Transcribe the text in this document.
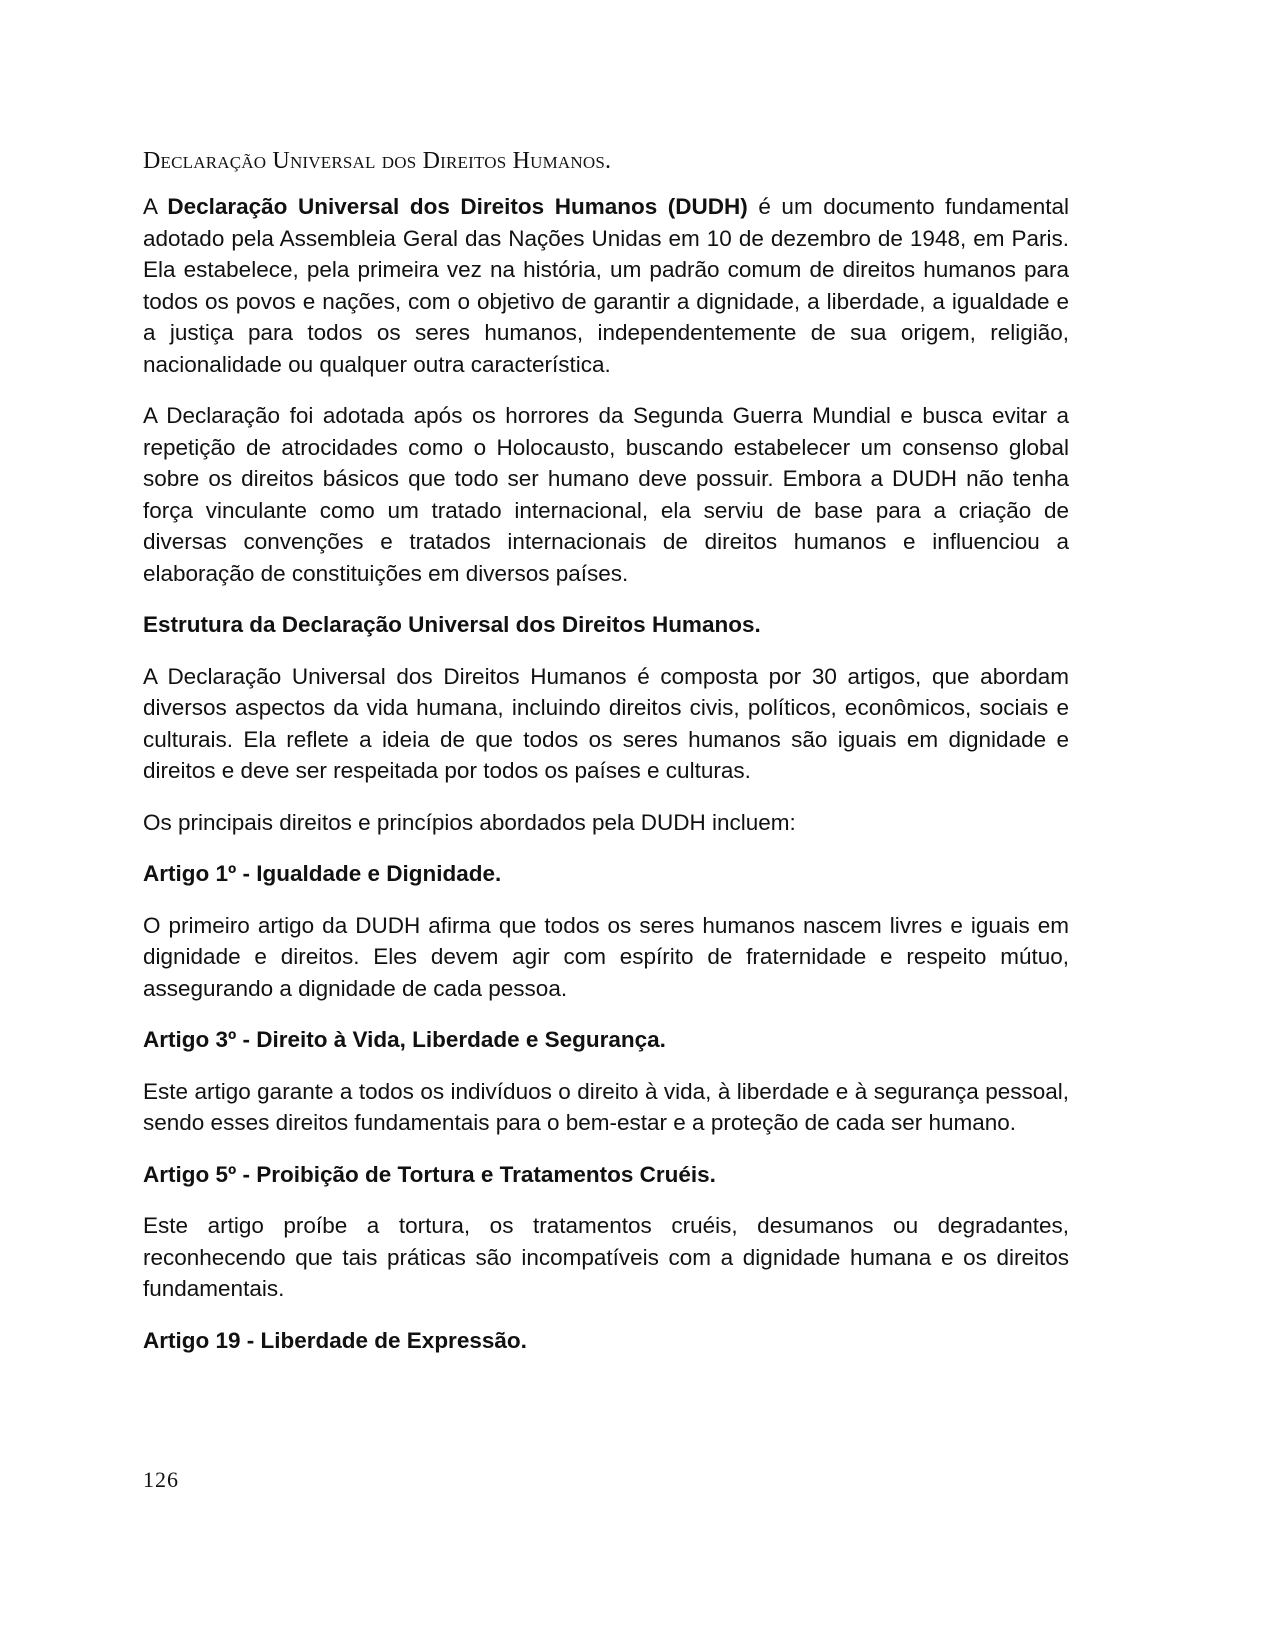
Declaração Universal dos Direitos Humanos.

A Declaração Universal dos Direitos Humanos (DUDH) é um documento fundamental adotado pela Assembleia Geral das Nações Unidas em 10 de dezembro de 1948, em Paris. Ela estabelece, pela primeira vez na história, um padrão comum de direitos humanos para todos os povos e nações, com o objetivo de garantir a dignidade, a liberdade, a igualdade e a justiça para todos os seres humanos, independentemente de sua origem, religião, nacionalidade ou qualquer outra característica.

A Declaração foi adotada após os horrores da Segunda Guerra Mundial e busca evitar a repetição de atrocidades como o Holocausto, buscando estabelecer um consenso global sobre os direitos básicos que todo ser humano deve possuir. Embora a DUDH não tenha força vinculante como um tratado internacional, ela serviu de base para a criação de diversas convenções e tratados internacionais de direitos humanos e influenciou a elaboração de constituições em diversos países.

Estrutura da Declaração Universal dos Direitos Humanos.

A Declaração Universal dos Direitos Humanos é composta por 30 artigos, que abordam diversos aspectos da vida humana, incluindo direitos civis, políticos, econômicos, sociais e culturais. Ela reflete a ideia de que todos os seres humanos são iguais em dignidade e direitos e deve ser respeitada por todos os países e culturas.

Os principais direitos e princípios abordados pela DUDH incluem:

Artigo 1º - Igualdade e Dignidade.

O primeiro artigo da DUDH afirma que todos os seres humanos nascem livres e iguais em dignidade e direitos. Eles devem agir com espírito de fraternidade e respeito mútuo, assegurando a dignidade de cada pessoa.

Artigo 3º - Direito à Vida, Liberdade e Segurança.

Este artigo garante a todos os indivíduos o direito à vida, à liberdade e à segurança pessoal, sendo esses direitos fundamentais para o bem-estar e a proteção de cada ser humano.

Artigo 5º - Proibição de Tortura e Tratamentos Cruéis.

Este artigo proíbe a tortura, os tratamentos cruéis, desumanos ou degradantes, reconhecendo que tais práticas são incompatíveis com a dignidade humana e os direitos fundamentais.

Artigo 19 - Liberdade de Expressão.
126
